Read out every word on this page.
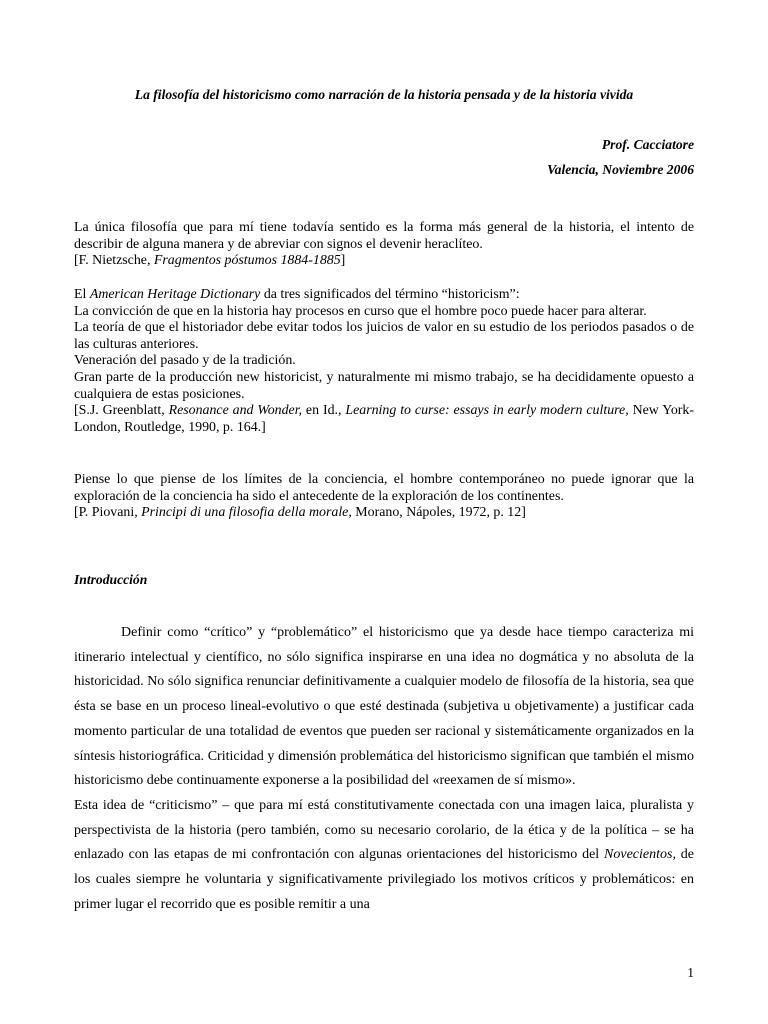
La filosofía del historicismo como narración de la historia pensada y de la historia vivida
Prof. Cacciatore
Valencia, Noviembre 2006

La única filosofía que para mí tiene todavía sentido es la forma más general de la historia, el intento de describir de alguna manera y de abreviar con signos el devenir heraclíteo.

[F. Nietzsche, Fragmentos póstumos 1884-1885]

El American Heritage Dictionary da tres significados del término “historicism”:

La convicción de que en la historia hay procesos en curso que el hombre poco puede hacer para alterar.

La teoría de que el historiador debe evitar todos los juicios de valor en su estudio de los periodos pasados o de las culturas anteriores.

Veneración del pasado y de la tradición.

Gran parte de la producción new historicist, y naturalmente mi mismo trabajo, se ha decididamente opuesto a cualquiera de estas posiciones.

[S.J. Greenblatt, Resonance and Wonder, en Id., Learning to curse: essays in early modern culture, New York-London, Routledge, 1990, p. 164.]

Piense lo que piense de los límites de la conciencia, el hombre contemporáneo no puede ignorar que la exploración de la conciencia ha sido el antecedente de la exploración de los continentes.

[P. Piovani, Principi di una filosofia della morale, Morano, Nápoles, 1972, p. 12]

Introducción

Definir como “crítico” y “problemático” el historicismo que ya desde hace tiempo caracteriza mi itinerario intelectual y científico, no sólo significa inspirarse en una idea no dogmática y no absoluta de la historicidad. No sólo significa renunciar definitivamente a cualquier modelo de filosofía de la historia, sea que ésta se base en un proceso lineal-evolutivo o que esté destinada (subjetiva u objetivamente) a justificar cada momento particular de una totalidad de eventos que pueden ser racional y sistemáticamente organizados en la síntesis historiográfica. Criticidad y dimensión problemática del historicismo significan que también el mismo historicismo debe continuamente exponerse a la posibilidad del «reexamen de sí mismo».

Esta idea de “criticismo” – que para mí está constitutivamente conectada con una imagen laica, pluralista y perspectivista de la historia (pero también, como su necesario corolario, de la ética y de la política – se ha enlazado con las etapas de mi confrontación con algunas orientaciones del historicismo del Novecientos, de los cuales siempre he voluntaria y significativamente privilegiado los motivos críticos y problemáticos: en primer lugar el recorrido que es posible remitir a una

1
